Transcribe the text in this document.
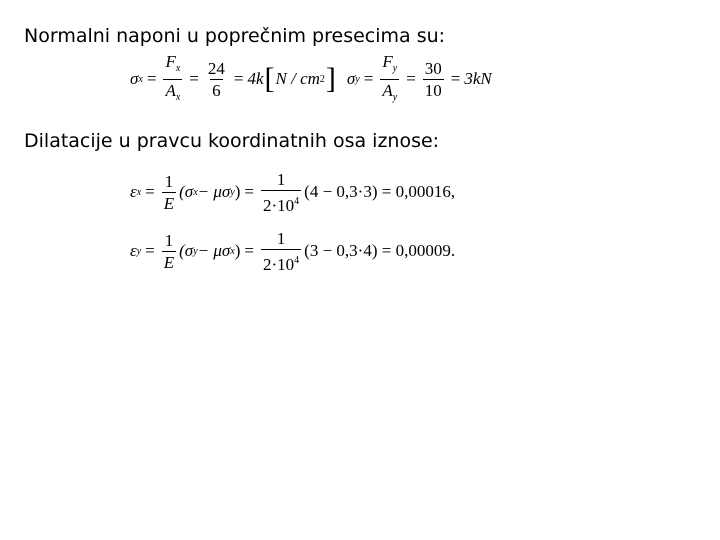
Normalni naponi u poprečnim presecima su:
σ $x = \frac{F_x}{A_x} = \frac{24}{6} = 4k$ [ N / cm 2 ] σ $y = \frac{F_y}{A_y} = \frac{30}{10} = 3kN$
Dilatacije u pravcu koordinatnih osa iznose:
ε $x = \frac{1}{E} (\sigma$ x − μσ y ) = $\frac{1}{2\cdot 10^4} (4 - 0,3\cdot 3) = 0,00016$,
ε $y = \frac{1}{E} (\sigma$ y − μσ x ) = $\frac{1}{2\cdot 10^4} (3 - 0,3\cdot 4) = 0,00009$.
